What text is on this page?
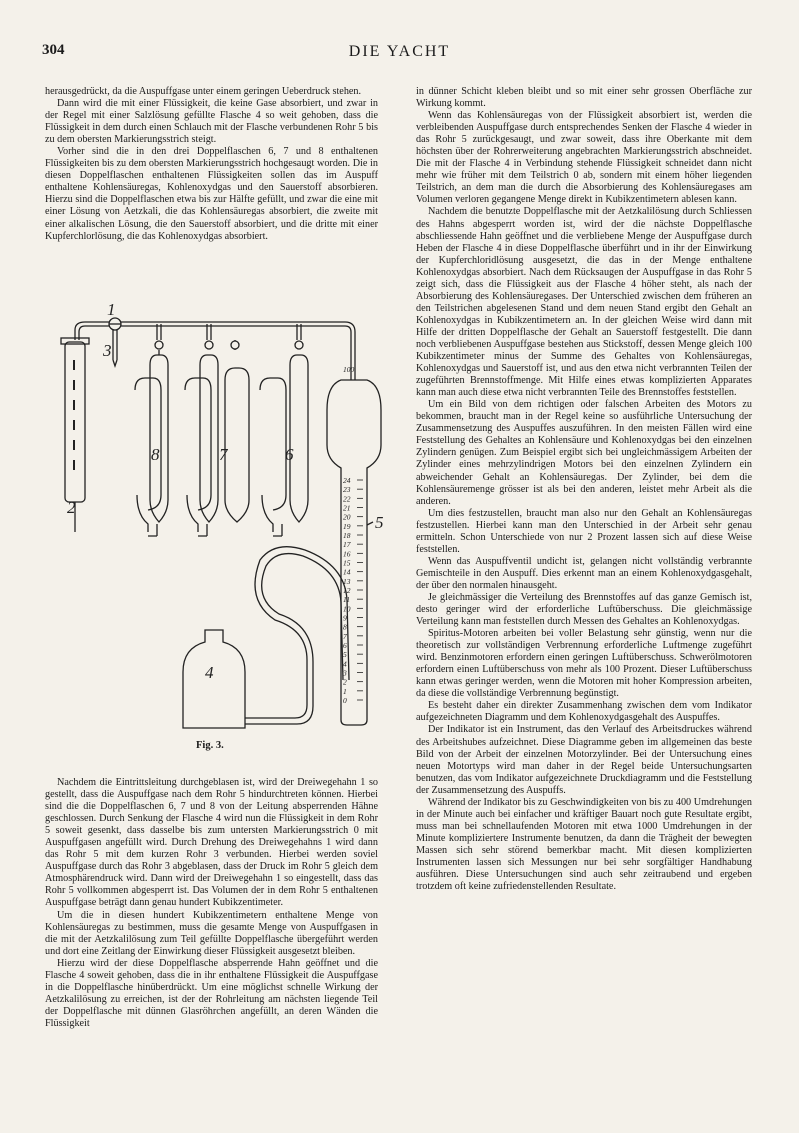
304	DIE YACHT

herausgedrückt, da die Auspuffgase unter einem geringen Ueberdruck stehen.

Dann wird die mit einer Flüssigkeit, die keine Gase absorbiert, und zwar in der Regel mit einer Salzlösung gefüllte Flasche 4 so weit gehoben, dass die Flüssigkeit in dem durch einen Schlauch mit der Flasche verbundenen Rohr 5 bis zu dem obersten Markierungsstrich steigt.

Vorher sind die in den drei Doppelflaschen 6, 7 und 8 enthaltenen Flüssigkeiten bis zu dem obersten Markierungsstrich hochgesaugt worden. Die in diesen Doppelflaschen enthaltenen Flüssigkeiten sollen das im Auspuff enthaltene Kohlensäuregas, Kohlenoxydgas und den Sauerstoff absorbieren. Hierzu sind die Doppelflaschen etwa bis zur Hälfte gefüllt, und zwar die eine mit einer Lösung von Aetzkali, die das Kohlensäuregas absorbiert, die zweite mit einer alkalischen Lösung, die den Sauerstoff absorbiert, und die dritte mit einer Kupferchlorlösung, die das Kohlenoxydgas absorbiert.

1
2
3
4
5
6
7
8
100
24
23
22
21
20
19
18
17
16
15
14
13
12
11
10
9
8
7
6
5
4
3
2
1
0
Fig. 3.

Nachdem die Eintrittsleitung durchgeblasen ist, wird der Dreiwegehahn 1 so gestellt, dass die Auspuffgase nach dem Rohr 5 hindurchtreten können. Hierbei sind die die Doppelflaschen 6, 7 und 8 von der Leitung absperrenden Hähne geschlossen. Durch Senkung der Flasche 4 wird nun die Flüssigkeit in dem Rohr 5 soweit gesenkt, dass dasselbe bis zum untersten Markierungsstrich 0 mit Auspuffgasen angefüllt wird. Durch Drehung des Dreiwegehahns 1 wird dann das Rohr 5 mit dem kurzen Rohr 3 verbunden. Hierbei werden soviel Auspuffgase durch das Rohr 3 abgeblasen, dass der Druck im Rohr 5 gleich dem Atmosphärendruck wird. Dann wird der Dreiwegehahn 1 so eingestellt, dass das Rohr 5 vollkommen abgesperrt ist. Das Volumen der in dem Rohr 5 enthaltenen Auspuffgase beträgt dann genau hundert Kubikzentimeter.

Um die in diesen hundert Kubikzentimetern enthaltene Menge von Kohlensäuregas zu bestimmen, muss die gesamte Menge von Auspuffgasen in die mit der Aetzkalilösung zum Teil gefüllte Doppelflasche übergeführt werden und dort eine Zeitlang der Einwirkung dieser Flüssigkeit ausgesetzt bleiben.

Hierzu wird der diese Doppelflasche absperrende Hahn geöffnet und die Flasche 4 soweit gehoben, dass die in ihr enthaltene Flüssigkeit die Auspuffgase in die Doppelflasche hinüberdrückt. Um eine möglichst schnelle Wirkung der Aetzkalilösung zu erreichen, ist der der Rohrleitung am nächsten liegende Teil der Doppelflasche mit dünnen Glasröhrchen angefüllt, an deren Wänden die Flüssigkeit

in dünner Schicht kleben bleibt und so mit einer sehr grossen Oberfläche zur Wirkung kommt.

Wenn das Kohlensäuregas von der Flüssigkeit absorbiert ist, werden die verbleibenden Auspuffgase durch entsprechendes Senken der Flasche 4 wieder in das Rohr 5 zurückgesaugt, und zwar soweit, dass ihre Oberkante mit dem höchsten über der Rohrerweiterung angebrachten Markierungsstrich abschneidet. Die mit der Flasche 4 in Verbindung stehende Flüssigkeit schneidet dann nicht mehr wie früher mit dem Teilstrich 0 ab, sondern mit einem höher liegenden Teilstrich, an dem man die durch die Absorbierung des Kohlensäuregases am Volumen verloren gegangene Menge direkt in Kubikzentimetern ablesen kann.

Nachdem die benutzte Doppelflasche mit der Aetzkalilösung durch Schliessen des Hahns abgesperrt worden ist, wird der die nächste Doppelflasche abschliessende Hahn geöffnet und die verbliebene Menge der Auspuffgase durch Heben der Flasche 4 in diese Doppelflasche überführt und in ihr der Einwirkung der Kupferchloridlösung ausgesetzt, die das in der Menge enthaltene Kohlenoxydgas absorbiert. Nach dem Rücksaugen der Auspuffgase in das Rohr 5 zeigt sich, dass die Flüssigkeit aus der Flasche 4 höher steht, als nach der Absorbierung des Kohlensäuregases. Der Unterschied zwischen dem früheren an den Teilstrichen abgelesenen Stand und dem neuen Stand ergibt den Gehalt an Kohlenoxydgas in Kubikzentimetern an. In der gleichen Weise wird dann mit Hilfe der dritten Doppelflasche der Gehalt an Sauerstoff festgestellt. Die dann noch verbliebenen Auspuffgase bestehen aus Stickstoff, dessen Menge gleich 100 Kubikzentimeter minus der Summe des Gehaltes von Kohlensäuregas, Kohlenoxydgas und Sauerstoff ist, und aus den etwa nicht verbrannten Teilen der zugeführten Brennstoffmenge. Mit Hilfe eines etwas komplizierten Apparates kann man auch diese etwa nicht verbrannten Teile des Brennstoffes feststellen.

Um ein Bild von dem richtigen oder falschen Arbeiten des Motors zu bekommen, braucht man in der Regel keine so ausführliche Untersuchung der Zusammensetzung des Auspuffes auszuführen. In den meisten Fällen wird eine Feststellung des Gehaltes an Kohlensäure und Kohlenoxydgas bei den einzelnen Zylindern genügen. Zum Beispiel ergibt sich bei ungleichmässigem Arbeiten der Zylinder eines mehrzylindrigen Motors bei den einzelnen Zylindern ein abweichender Gehalt an Kohlensäuregas. Der Zylinder, bei dem die Kohlensäuremenge grösser ist als bei den anderen, leistet mehr Arbeit als die anderen.

Um dies festzustellen, braucht man also nur den Gehalt an Kohlensäuregas festzustellen. Hierbei kann man den Unterschied in der Arbeit sehr genau ermitteln. Schon Unterschiede von nur 2 Prozent lassen sich auf diese Weise feststellen.

Wenn das Auspuffventil undicht ist, gelangen nicht vollständig verbrannte Gemischteile in den Auspuff. Dies erkennt man an einem Kohlenoxydgasgehalt, der über den normalen hinausgeht.

Je gleichmässiger die Verteilung des Brennstoffes auf das ganze Gemisch ist, desto geringer wird der erforderliche Luftüberschuss. Die gleichmässige Verteilung kann man feststellen durch Messen des Gehaltes an Kohlenoxydgas.

Spiritus-Motoren arbeiten bei voller Belastung sehr günstig, wenn nur die theoretisch zur vollständigen Verbrennung erforderliche Luftmenge zugeführt wird. Benzinmotoren erfordern einen geringen Luftüberschuss. Schwerölmotoren erfordern einen Luftüberschuss von mehr als 100 Prozent. Dieser Luftüberschuss kann etwas geringer werden, wenn die Motoren mit hoher Kompression arbeiten, da diese die vollständige Verbrennung begünstigt.

Es besteht daher ein direkter Zusammenhang zwischen dem vom Indikator aufgezeichneten Diagramm und dem Kohlenoxydgasgehalt des Auspuffes.

Der Indikator ist ein Instrument, das den Verlauf des Arbeitsdruckes während des Arbeitshubes aufzeichnet. Diese Diagramme geben im allgemeinen das beste Bild von der Arbeit der einzelnen Motorzylinder. Bei der Untersuchung eines neuen Motortyps wird man daher in der Regel beide Untersuchungsarten benutzen, das vom Indikator aufgezeichnete Druckdiagramm und die Feststellung der Zusammensetzung des Auspuffs.

Während der Indikator bis zu Geschwindigkeiten von bis zu 400 Umdrehungen in der Minute auch bei einfacher und kräftiger Bauart noch gute Resultate ergibt, muss man bei schnellaufenden Motoren mit etwa 1000 Umdrehungen in der Minute kompliziertere Instrumente benutzen, da dann die Trägheit der bewegten Massen sich sehr störend bemerkbar macht. Mit diesen komplizierten Instrumenten lassen sich Messungen nur bei sehr sorgfältiger Handhabung ausführen. Diese Untersuchungen sind auch sehr zeitraubend und ergeben trotzdem oft keine zufriedenstellenden Resultate.
